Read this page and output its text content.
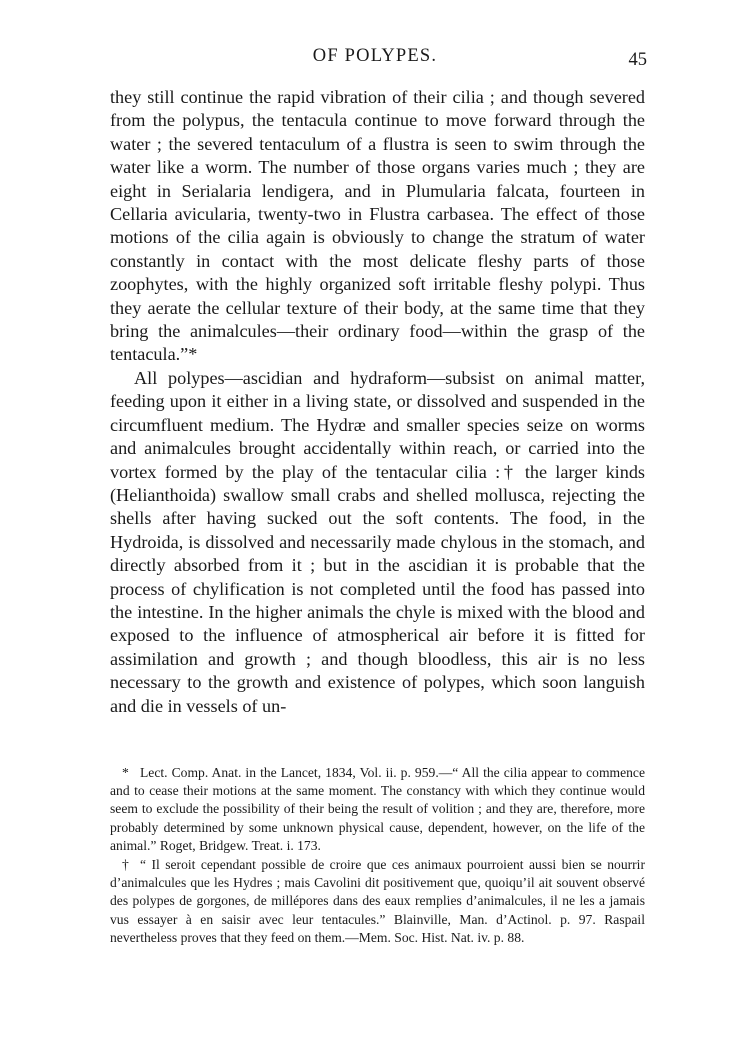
OF POLYPES.	45

they still continue the rapid vibration of their cilia ; and though severed from the polypus, the tentacula continue to move forward through the water ; the severed tentaculum of a flustra is seen to swim through the water like a worm. The number of those organs varies much ; they are eight in Serialaria lendigera, and in Plumularia falcata, fourteen in Cellaria avicularia, twenty-two in Flustra carbasea. The effect of those motions of the cilia again is obviously to change the stratum of water constantly in contact with the most delicate fleshy parts of those zoophytes, with the highly organized soft irritable fleshy polypi. Thus they aerate the cellular texture of their body, at the same time that they bring the animalcules—their ordinary food—within the grasp of the tentacula.”*

All polypes—ascidian and hydraform—subsist on animal matter, feeding upon it either in a living state, or dissolved and suspended in the circumfluent medium. The Hydræ and smaller species seize on worms and animalcules brought accidentally within reach, or carried into the vortex formed by the play of the tentacular cilia :† the larger kinds (Helianthoida) swallow small crabs and shelled mollusca, rejecting the shells after having sucked out the soft contents. The food, in the Hydroida, is dissolved and necessarily made chylous in the stomach, and directly absorbed from it ; but in the ascidian it is probable that the process of chylification is not completed until the food has passed into the intestine. In the higher animals the chyle is mixed with the blood and exposed to the influence of atmospherical air before it is fitted for assimilation and growth ; and though bloodless, this air is no less necessary to the growth and existence of polypes, which soon languish and die in vessels of un-

* Lect. Comp. Anat. in the Lancet, 1834, Vol. ii. p. 959.—“ All the cilia appear to commence and to cease their motions at the same moment. The constancy with which they continue would seem to exclude the possibility of their being the result of volition ; and they are, therefore, more probably determined by some unknown physical cause, dependent, however, on the life of the animal.” Roget, Bridgew. Treat. i. 173.

† “ Il seroit cependant possible de croire que ces animaux pourroient aussi bien se nourrir d’animalcules que les Hydres ; mais Cavolini dit positivement que, quoiqu’il ait souvent observé des polypes de gorgones, de millépores dans des eaux remplies d’animalcules, il ne les a jamais vus essayer à en saisir avec leur tentacules.” Blainville, Man. d’Actinol. p. 97. Raspail nevertheless proves that they feed on them.—Mem. Soc. Hist. Nat. iv. p. 88.
